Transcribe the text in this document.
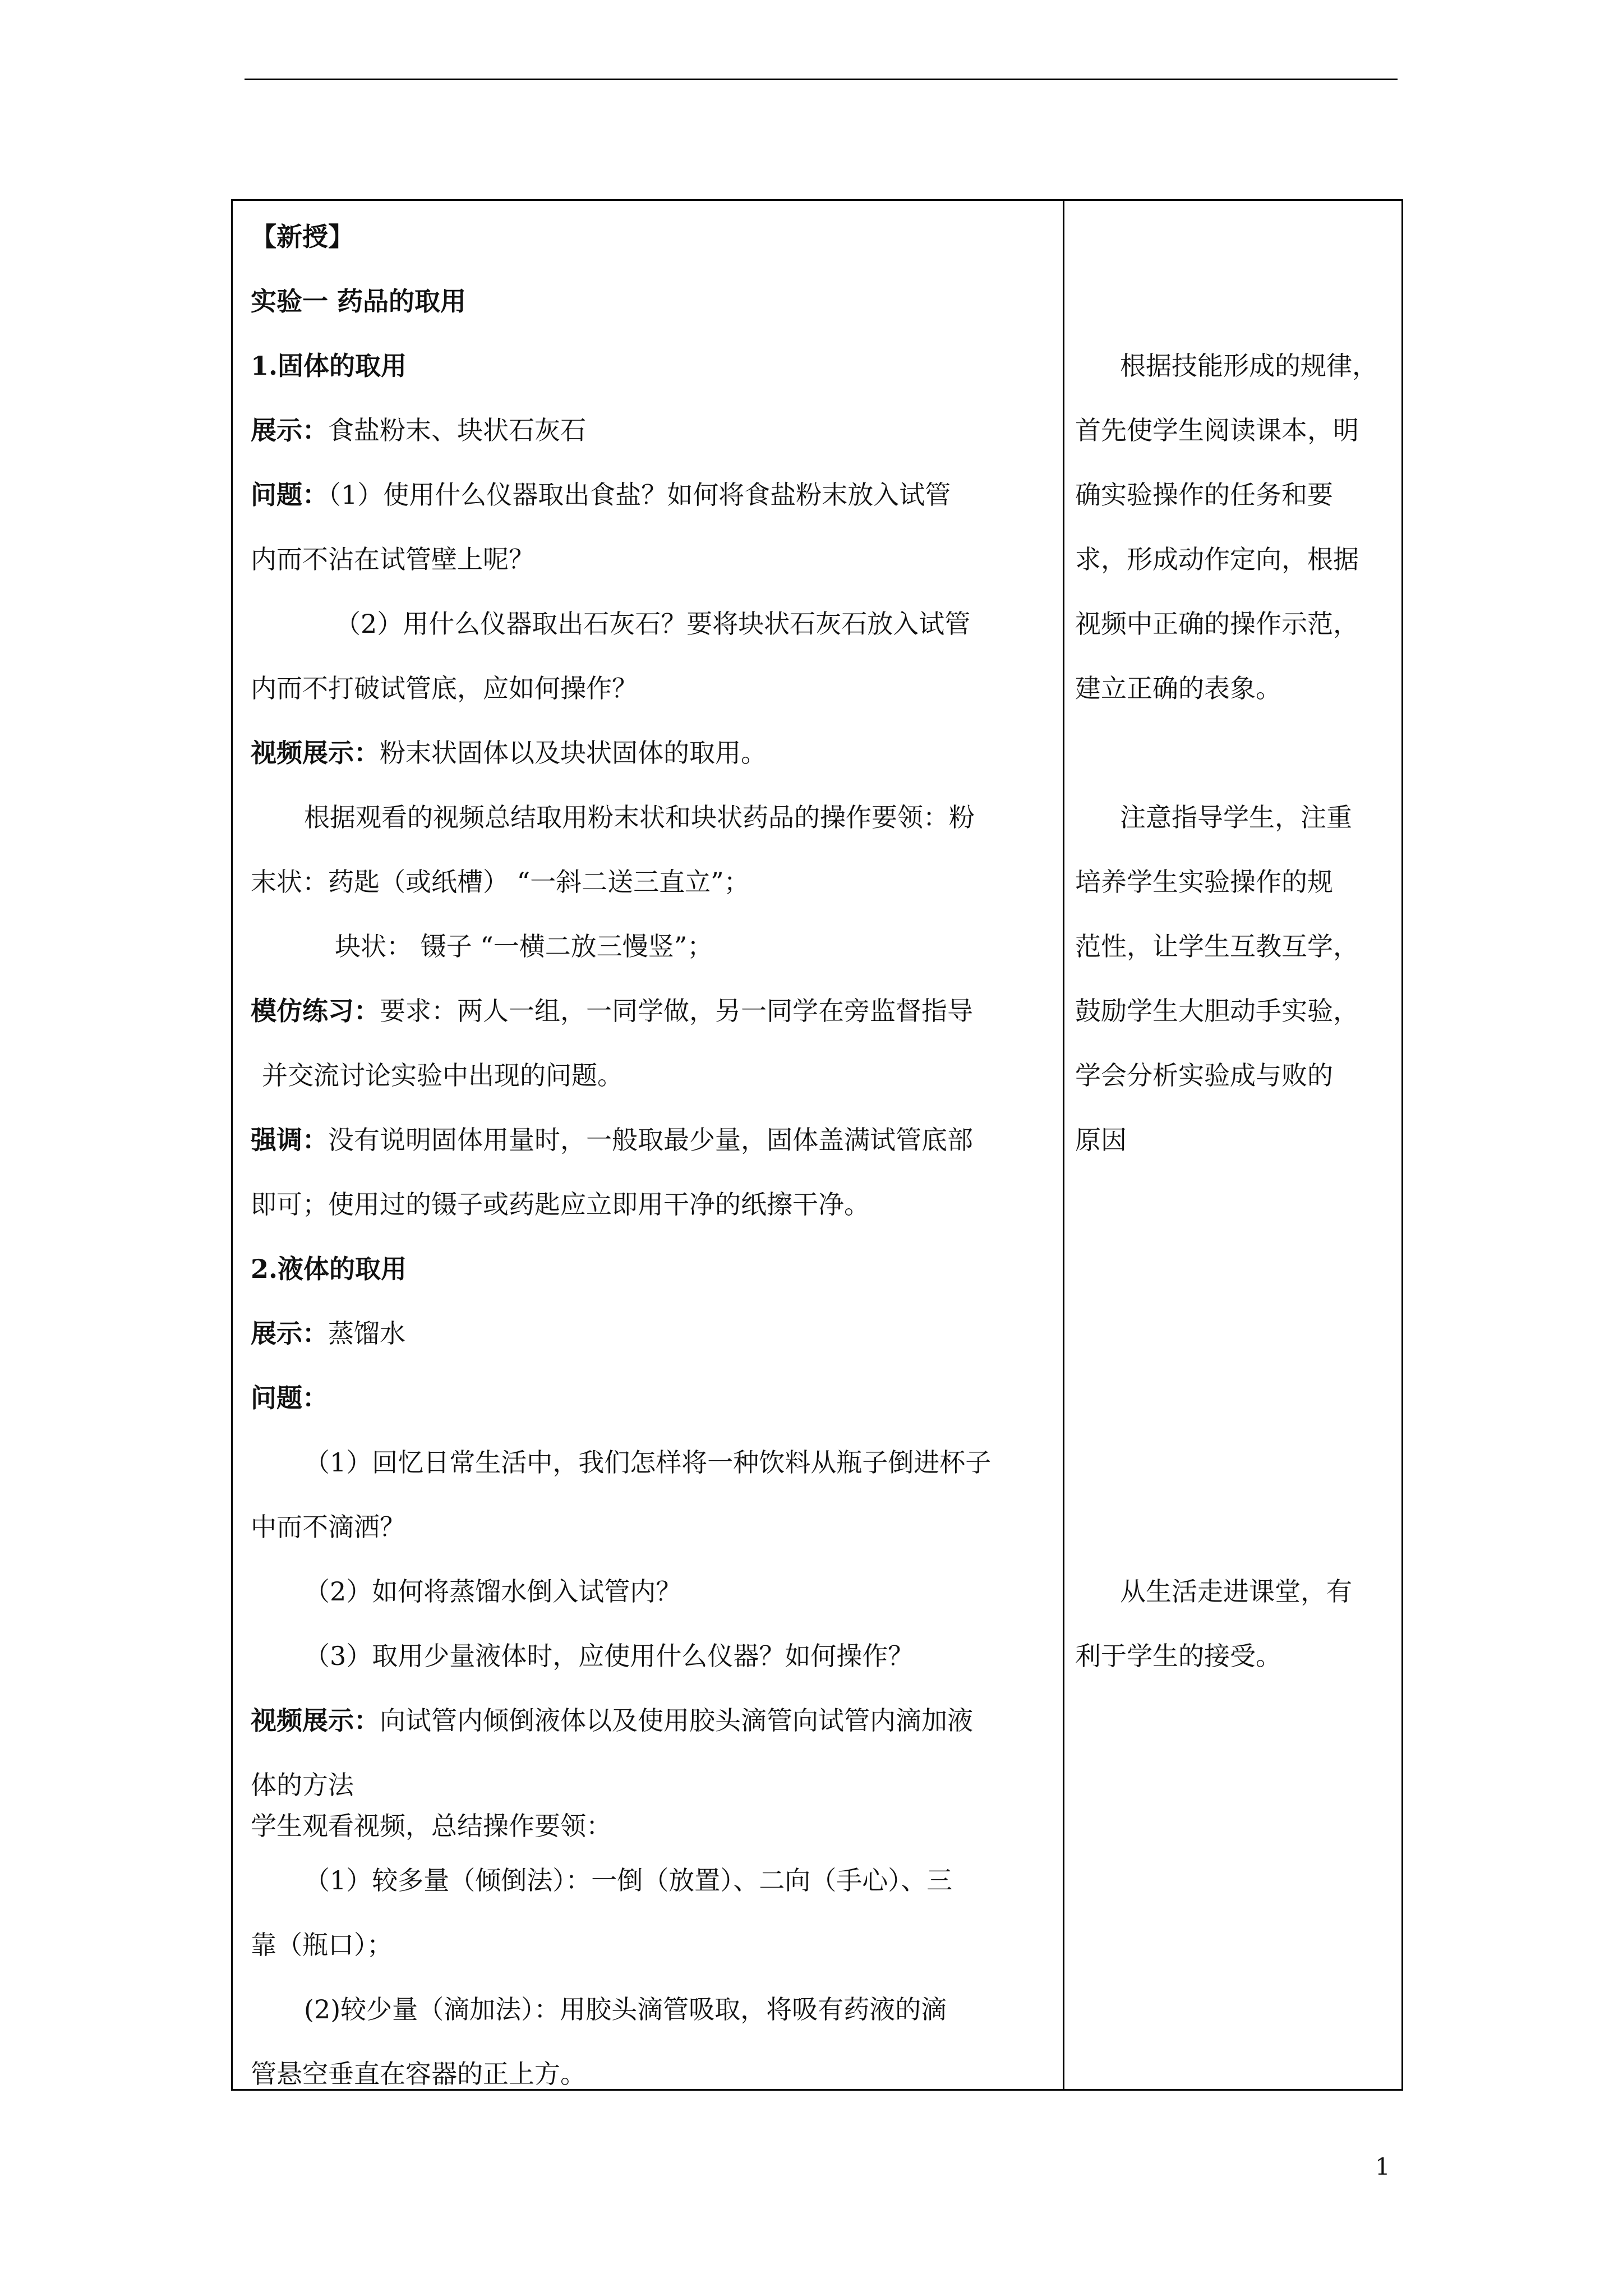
【新授】
实验一 药品的取用
1.固体的取用
展示：食盐粉末、块状石灰石
问题：（1）使用什么仪器取出食盐？如何将食盐粉末放入试管
内而不沾在试管壁上呢？
（2）用什么仪器取出石灰石？要将块状石灰石放入试管
内而不打破试管底，应如何操作？
视频展示：粉末状固体以及块状固体的取用。
根据观看的视频总结取用粉末状和块状药品的操作要领：粉
末状：药匙（或纸槽） “一斜二送三直立”；
块状： 镊子 “一横二放三慢竖”；
模仿练习：要求：两人一组，一同学做，另一同学在旁监督指导
并交流讨论实验中出现的问题。
强调：没有说明固体用量时，一般取最少量，固体盖满试管底部
即可；使用过的镊子或药匙应立即用干净的纸擦干净。
2.液体的取用
展示：蒸馏水
问题：
（1）回忆日常生活中，我们怎样将一种饮料从瓶子倒进杯子
中而不滴洒？
（2）如何将蒸馏水倒入试管内？
（3）取用少量液体时，应使用什么仪器？如何操作？
视频展示：向试管内倾倒液体以及使用胶头滴管向试管内滴加液
体的方法
学生观看视频，总结操作要领：
（1）较多量（倾倒法）：一倒（放置）、二向（手心）、三
靠（瓶口）；
(2)较少量（滴加法）：用胶头滴管吸取，将吸有药液的滴
管悬空垂直在容器的正上方。
根据技能形成的规律，
首先使学生阅读课本，明
确实验操作的任务和要
求，形成动作定向，根据
视频中正确的操作示范，
建立正确的表象。
注意指导学生，注重
培养学生实验操作的规
范性，让学生互教互学，
鼓励学生大胆动手实验，
学会分析实验成与败的
原因
从生活走进课堂，有
利于学生的接受。
1
